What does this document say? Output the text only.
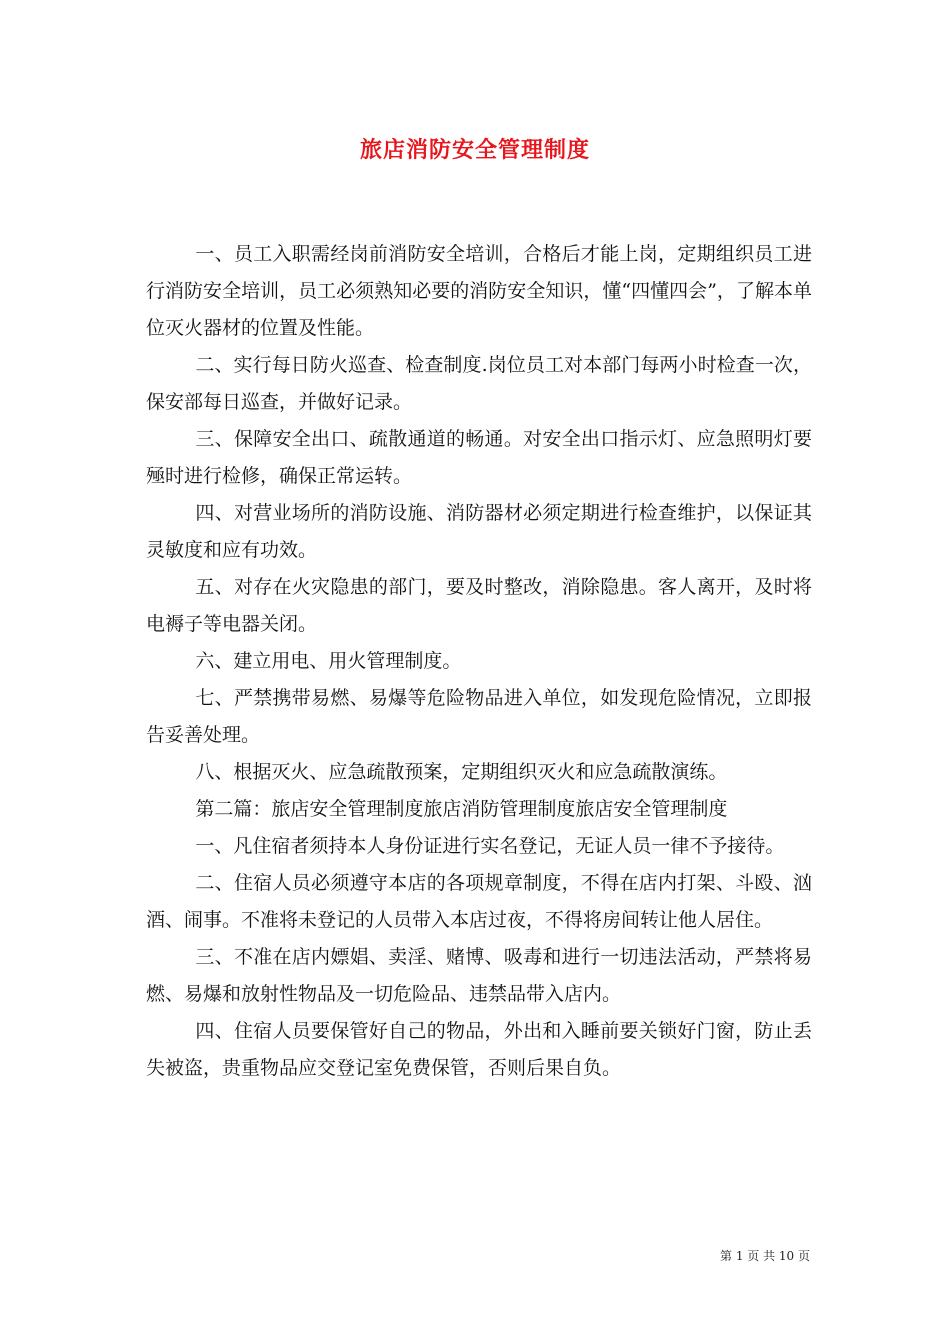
旅店消防安全管理制度

一、员工入职需经岗前消防安全培训，合格后才能上岗，定期组织员工进行消防安全培训，员工必须熟知必要的消防安全知识，懂“四懂四会”，了解本单位灭火器材的位置及性能。

二、实行每日防火巡查、检查制度.岗位员工对本部门每两小时检查一次，保安部每日巡查，并做好记录。

三、保障安全出口、疏散通道的畅通。对安全出口指示灯、应急照明灯要殛时进行检修，确保正常运转。

四、对营业场所的消防设施、消防器材必须定期进行检查维护，以保证其灵敏度和应有功效。

五、对存在火灾隐患的部门，要及时整改，消除隐患。客人离开，及时将电褥子等电器关闭。

六、建立用电、用火管理制度。

七、严禁携带易燃、易爆等危险物品进入单位，如发现危险情况，立即报告妥善处理。

八、根据灭火、应急疏散预案，定期组织灭火和应急疏散演练。

第二篇：旅店安全管理制度旅店消防管理制度旅店安全管理制度

一、凡住宿者须持本人身份证进行实名登记，无证人员一律不予接待。

二、住宿人员必须遵守本店的各项规章制度，不得在店内打架、斗殴、汹酒、闹事。不准将未登记的人员带入本店过夜，不得将房间转让他人居住。

三、不准在店内嫖娼、卖淫、赌博、吸毒和进行一切违法活动，严禁将易燃、易爆和放射性物品及一切危险品、违禁品带入店内。

四、住宿人员要保管好自己的物品，外出和入睡前要关锁好门窗，防止丢失被盗，贵重物品应交登记室免费保管，否则后果自负。

第 1 页 共 10 页
